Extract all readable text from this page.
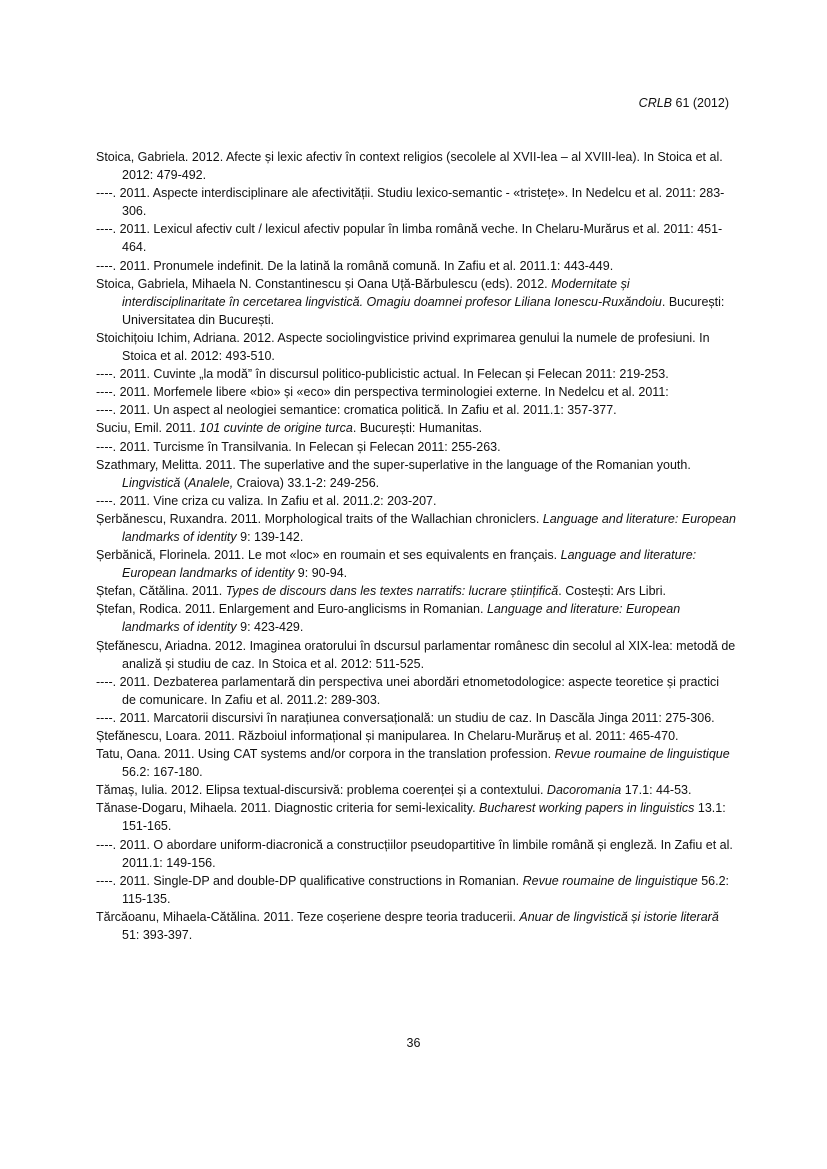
CRLB 61 (2012)
Stoica, Gabriela. 2012. Afecte și lexic afectiv în context religios (secolele al XVII-lea – al XVIII-lea). In Stoica et al. 2012: 479-492.
----. 2011. Aspecte interdisciplinare ale afectivității. Studiu lexico-semantic - «tristețe». In Nedelcu et al. 2011: 283-306.
----. 2011. Lexicul afectiv cult / lexicul afectiv popular în limba română veche. In Chelaru-Murărus et al. 2011: 451-464.
----. 2011. Pronumele indefinit. De la latină la română comună. In Zafiu et al. 2011.1: 443-449.
Stoica, Gabriela, Mihaela N. Constantinescu și Oana Uță-Bărbulescu (eds). 2012. Modernitate și interdisciplinaritate în cercetarea lingvistică. Omagiu doamnei profesor Liliana Ionescu-Ruxăndoiu. București: Universitatea din București.
Stoichițoiu Ichim, Adriana. 2012. Aspecte sociolingvistice privind exprimarea genului la numele de profesiuni. In Stoica et al. 2012: 493-510.
----. 2011. Cuvinte „la modă” în discursul politico-publicistic actual. In Felecan și Felecan 2011: 219-253.
----. 2011. Morfemele libere «bio» și «eco» din perspectiva terminologiei externe. In Nedelcu et al. 2011:
----. 2011. Un aspect al neologiei semantice: cromatica politică. In Zafiu et al. 2011.1: 357-377.
Suciu, Emil. 2011. 101 cuvinte de origine turca. București: Humanitas.
----. 2011. Turcisme în Transilvania. In Felecan și Felecan 2011: 255-263.
Szathmary, Melitta. 2011. The superlative and the super-superlative in the language of the Romanian youth. Lingvistică (Analele, Craiova) 33.1-2: 249-256.
----. 2011. Vine criza cu valiza. In Zafiu et al. 2011.2: 203-207.
Șerbănescu, Ruxandra. 2011. Morphological traits of the Wallachian chroniclers. Language and literature: European landmarks of identity 9: 139-142.
Șerbănică, Florinela. 2011. Le mot «loc» en roumain et ses equivalents en français. Language and literature: European landmarks of identity 9: 90-94.
Ștefan, Cătălina. 2011. Types de discours dans les textes narratifs: lucrare științifică. Costești: Ars Libri.
Ștefan, Rodica. 2011. Enlargement and Euro-anglicisms in Romanian. Language and literature: European landmarks of identity 9: 423-429.
Ștefănescu, Ariadna. 2012. Imaginea oratorului în dscursul parlamentar românesc din secolul al XIX-lea: metodă de analiză și studiu de caz. In Stoica et al. 2012: 511-525.
----. 2011. Dezbaterea parlamentară din perspectiva unei abordări etnometodologice: aspecte teoretice și practici de comunicare. In Zafiu et al. 2011.2: 289-303.
----. 2011. Marcatorii discursivi în narațiunea conversațională: un studiu de caz. In Dascăla Jinga 2011: 275-306.
Ștefănescu, Loara. 2011. Războiul informațional și manipularea. In Chelaru-Murăruș et al. 2011: 465-470.
Tatu, Oana. 2011. Using CAT systems and/or corpora in the translation profession. Revue roumaine de linguistique 56.2: 167-180.
Tămaș, Iulia. 2012. Elipsa textual-discursivă: problema coerenței și a contextului. Dacoromania 17.1: 44-53.
Tănase-Dogaru, Mihaela. 2011. Diagnostic criteria for semi-lexicality. Bucharest working papers in linguistics 13.1: 151-165.
----. 2011. O abordare uniform-diacronică a construcțiilor pseudopartitive în limbile română și engleză. In Zafiu et al. 2011.1: 149-156.
----. 2011. Single-DP and double-DP qualificative constructions in Romanian. Revue roumaine de linguistique 56.2: 115-135.
Tărcăoanu, Mihaela-Cătălina. 2011. Teze coșeriene despre teoria traducerii. Anuar de lingvistică și istorie literară 51: 393-397.
36
